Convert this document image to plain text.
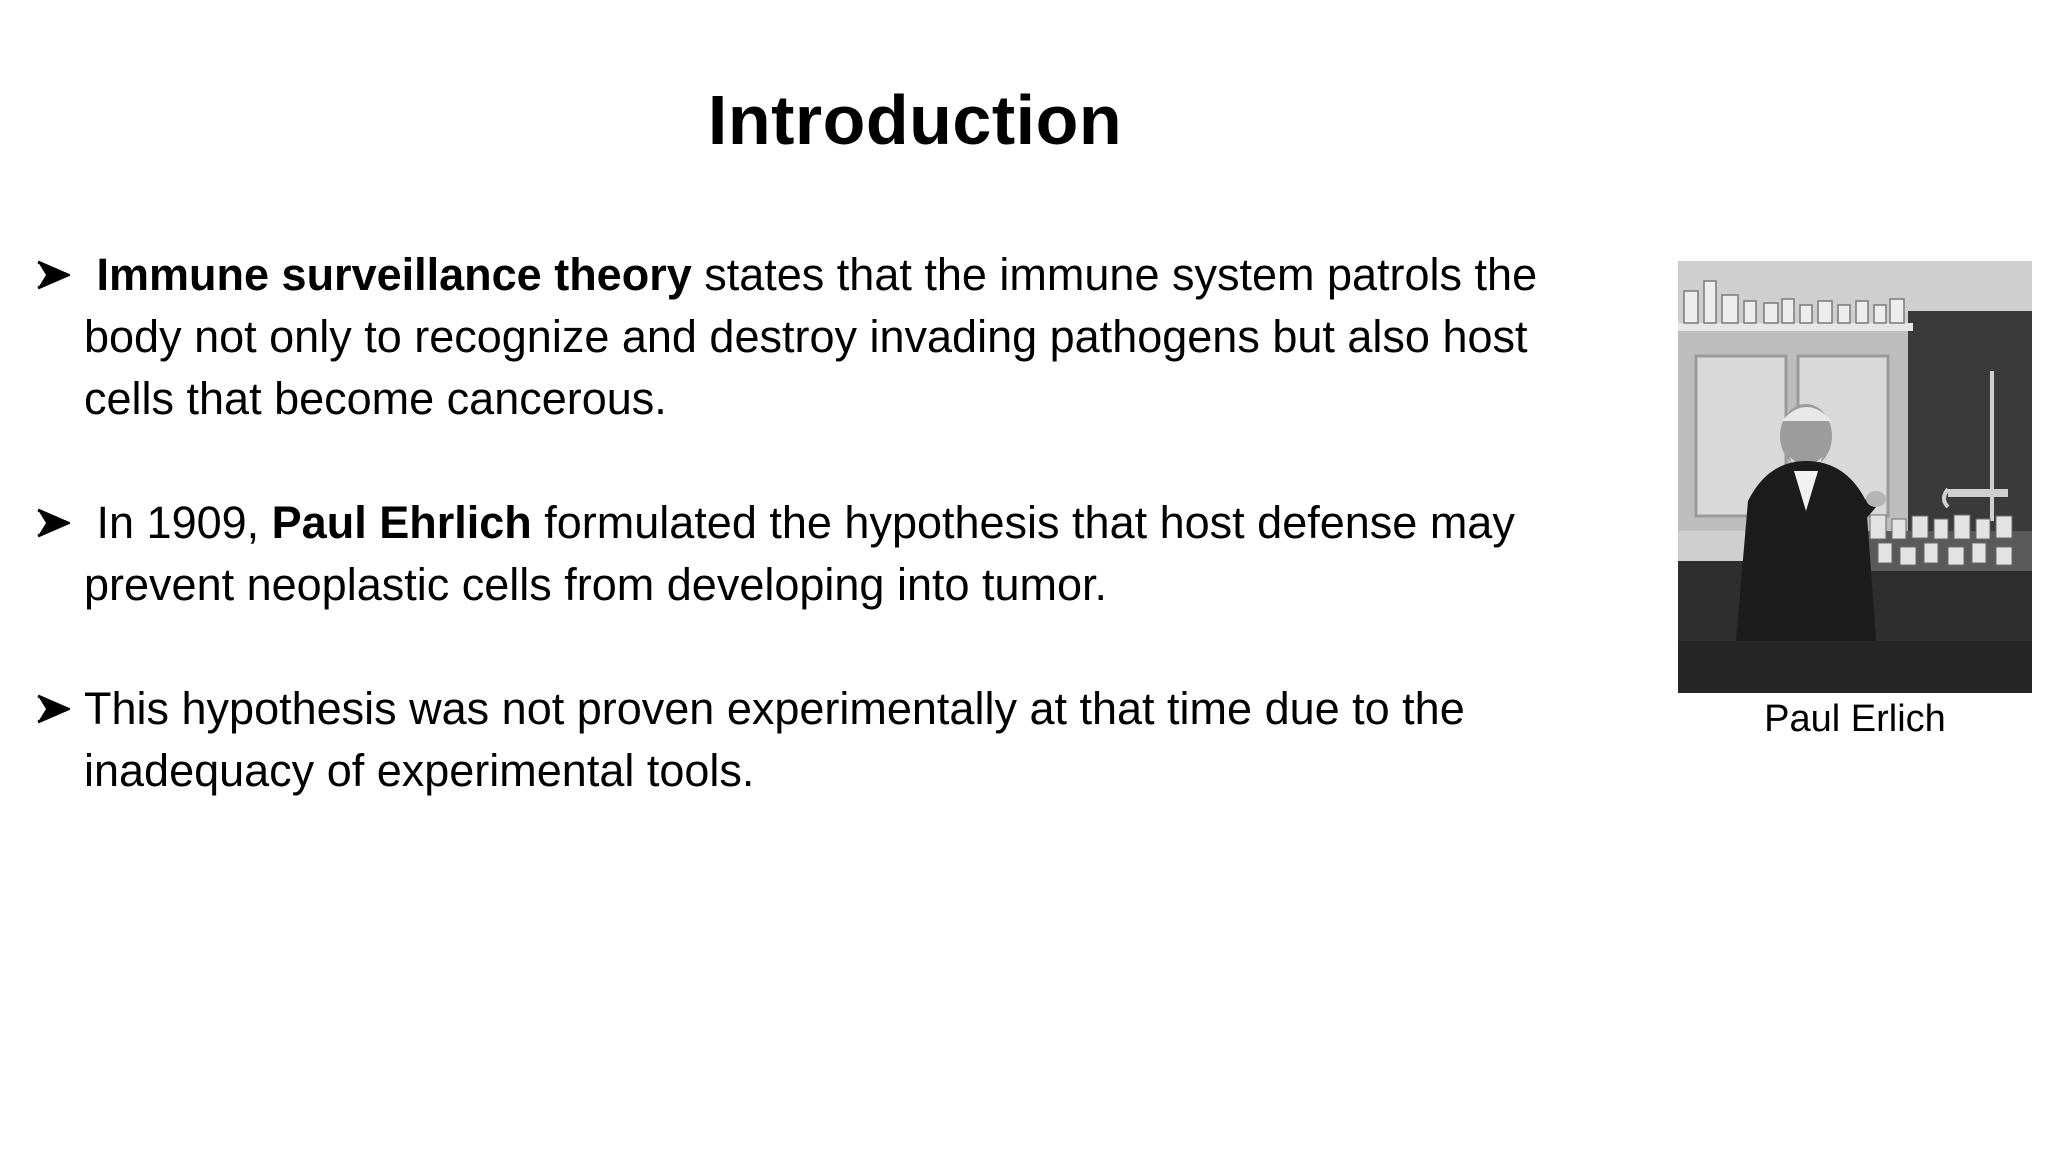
Introduction
Immune surveillance theory states that the immune system patrols the body not only to recognize and destroy invading pathogens but also host cells that become cancerous.
In 1909, Paul Ehrlich formulated the hypothesis that host defense may prevent neoplastic cells from developing into tumor.
This hypothesis was not proven experimentally at that time due to the inadequacy of experimental tools.
Paul Erlich
